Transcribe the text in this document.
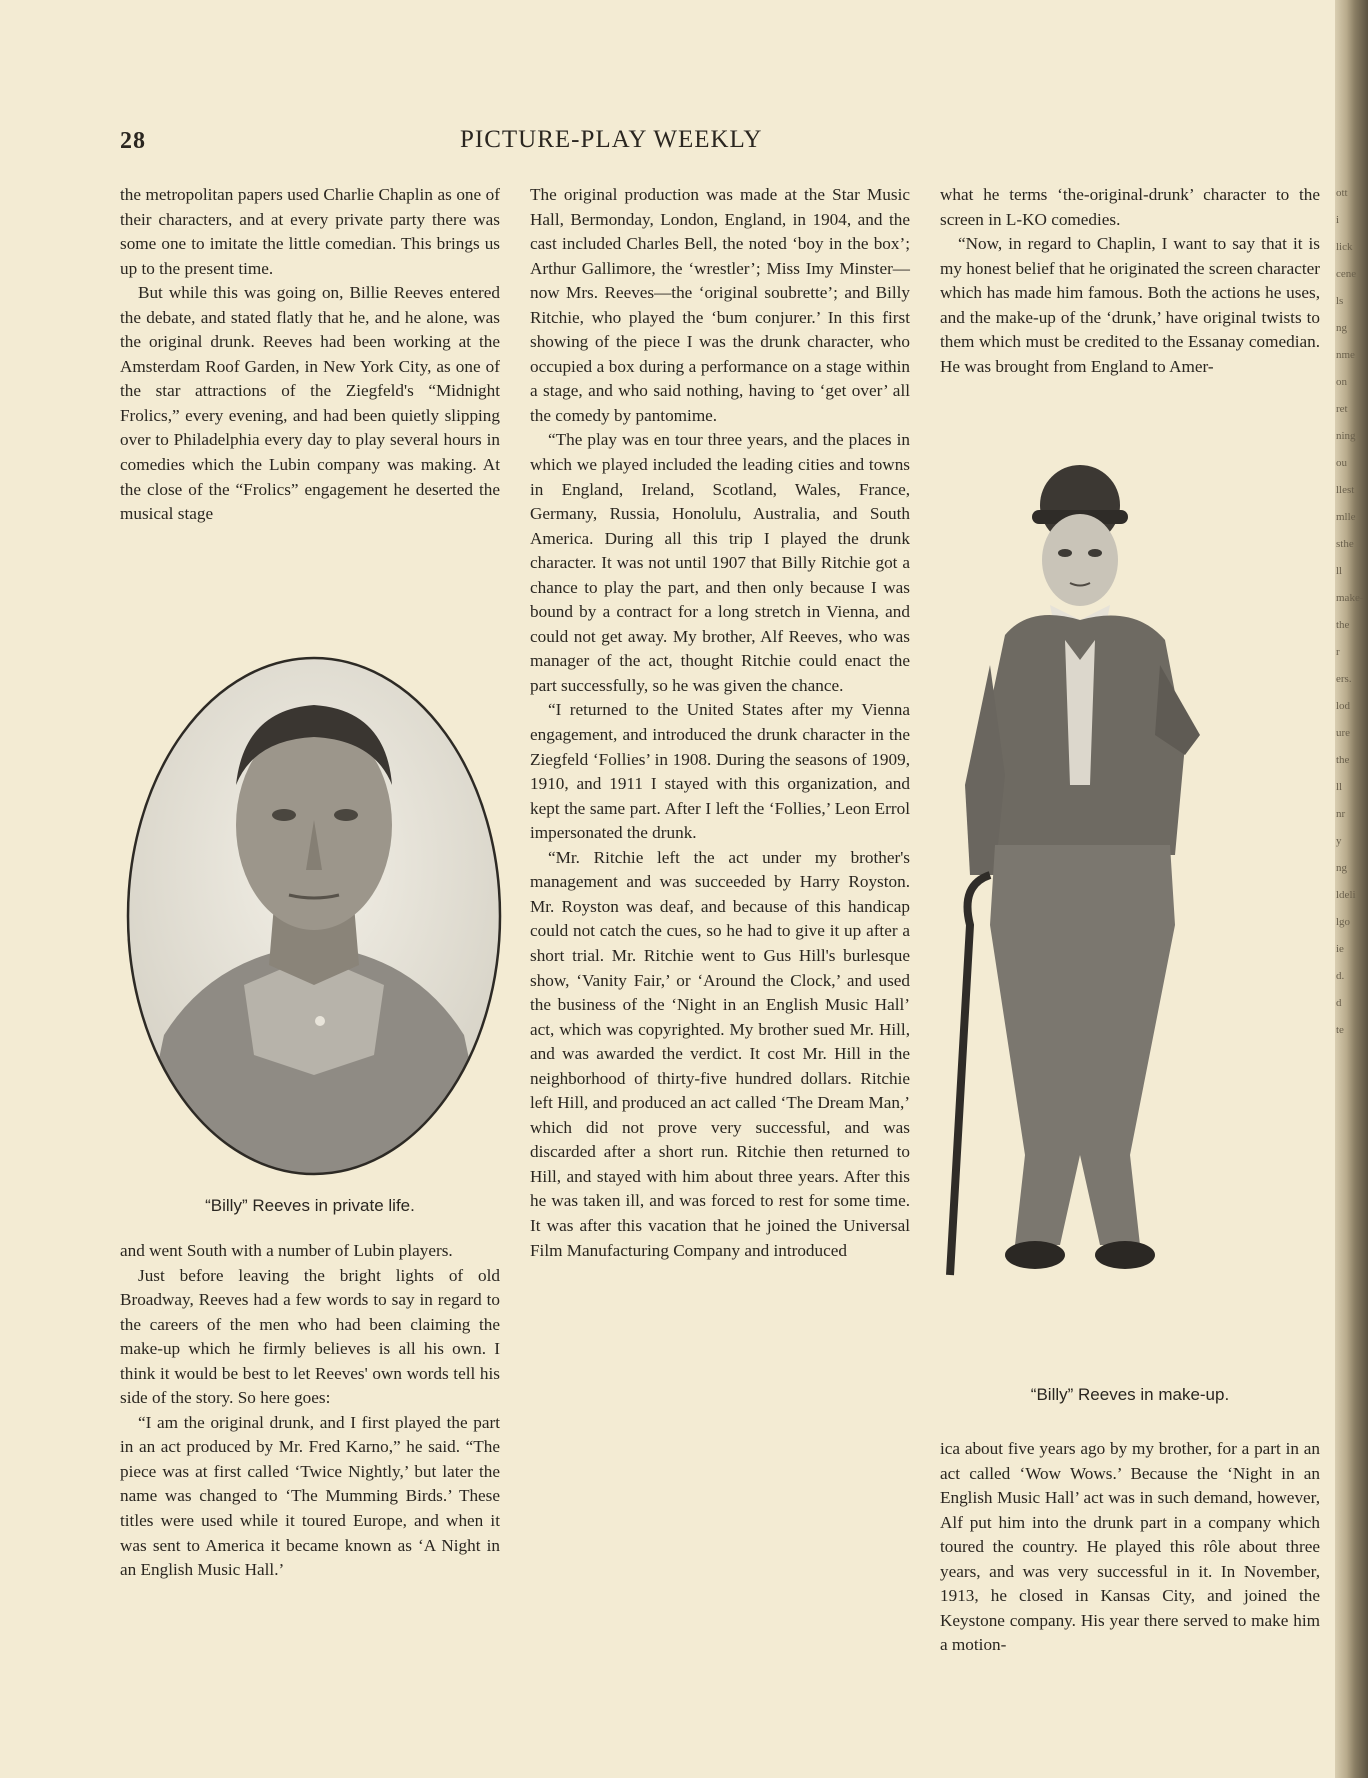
ott
i
lick
cene
ls
ng
nme
on
ret
ning
ou
llest
mlle
sthe
ll
make-
the
r
ers.
lod
ure
the
ll
nr
y
ng
ldeli
lgo
ie
d.
d
te
28	PICTURE-PLAY WEEKLY

the metropolitan papers used Charlie Chaplin as one of their characters, and at every private party there was some one to imitate the little comedian. This brings us up to the present time.

But while this was going on, Billie Reeves entered the debate, and stated flatly that he, and he alone, was the original drunk. Reeves had been working at the Amsterdam Roof Garden, in New York City, as one of the star attractions of the Ziegfeld's “Midnight Frolics,” every evening, and had been quietly slipping over to Philadelphia every day to play several hours in comedies which the Lubin company was making. At the close of the “Frolics” engagement he deserted the musical stage

“Billy” Reeves in private life.

and went South with a number of Lubin players.

Just before leaving the bright lights of old Broadway, Reeves had a few words to say in regard to the careers of the men who had been claiming the make-up which he firmly believes is all his own. I think it would be best to let Reeves' own words tell his side of the story. So here goes:

“I am the original drunk, and I first played the part in an act produced by Mr. Fred Karno,” he said. “The piece was at first called ‘Twice Nightly,’ but later the name was changed to ‘The Mumming Birds.’ These titles were used while it toured Europe, and when it was sent to America it became known as ‘A Night in an English Music Hall.’

The original production was made at the Star Music Hall, Bermonday, London, England, in 1904, and the cast included Charles Bell, the noted ‘boy in the box’; Arthur Gallimore, the ‘wrestler’; Miss Imy Minster—now Mrs. Reeves—the ‘original soubrette’; and Billy Ritchie, who played the ‘bum conjurer.’ In this first showing of the piece I was the drunk character, who occupied a box during a performance on a stage within a stage, and who said nothing, having to ‘get over’ all the comedy by pantomime.

“The play was en tour three years, and the places in which we played included the leading cities and towns in England, Ireland, Scotland, Wales, France, Germany, Russia, Honolulu, Australia, and South America. During all this trip I played the drunk character. It was not until 1907 that Billy Ritchie got a chance to play the part, and then only because I was bound by a contract for a long stretch in Vienna, and could not get away. My brother, Alf Reeves, who was manager of the act, thought Ritchie could enact the part successfully, so he was given the chance.

“I returned to the United States after my Vienna engagement, and introduced the drunk character in the Ziegfeld ‘Follies’ in 1908. During the seasons of 1909, 1910, and 1911 I stayed with this organization, and kept the same part. After I left the ‘Follies,’ Leon Errol impersonated the drunk.

“Mr. Ritchie left the act under my brother's management and was succeeded by Harry Royston. Mr. Royston was deaf, and because of this handicap could not catch the cues, so he had to give it up after a short trial. Mr. Ritchie went to Gus Hill's burlesque show, ‘Vanity Fair,’ or ‘Around the Clock,’ and used the business of the ‘Night in an English Music Hall’ act, which was copyrighted. My brother sued Mr. Hill, and was awarded the verdict. It cost Mr. Hill in the neighborhood of thirty-five hundred dollars. Ritchie left Hill, and produced an act called ‘The Dream Man,’ which did not prove very successful, and was discarded after a short run. Ritchie then returned to Hill, and stayed with him about three years. After this he was taken ill, and was forced to rest for some time. It was after this vacation that he joined the Universal Film Manufacturing Company and introduced

what he terms ‘the-original-drunk’ character to the screen in L-KO comedies.

“Now, in regard to Chaplin, I want to say that it is my honest belief that he originated the screen character which has made him famous. Both the actions he uses, and the make-up of the ‘drunk,’ have original twists to them which must be credited to the Essanay comedian. He was brought from England to Amer-

“Billy” Reeves in make-up.

ica about five years ago by my brother, for a part in an act called ‘Wow Wows.’ Because the ‘Night in an English Music Hall’ act was in such demand, however, Alf put him into the drunk part in a company which toured the country. He played this rôle about three years, and was very successful in it. In November, 1913, he closed in Kansas City, and joined the Keystone company. His year there served to make him a motion-
